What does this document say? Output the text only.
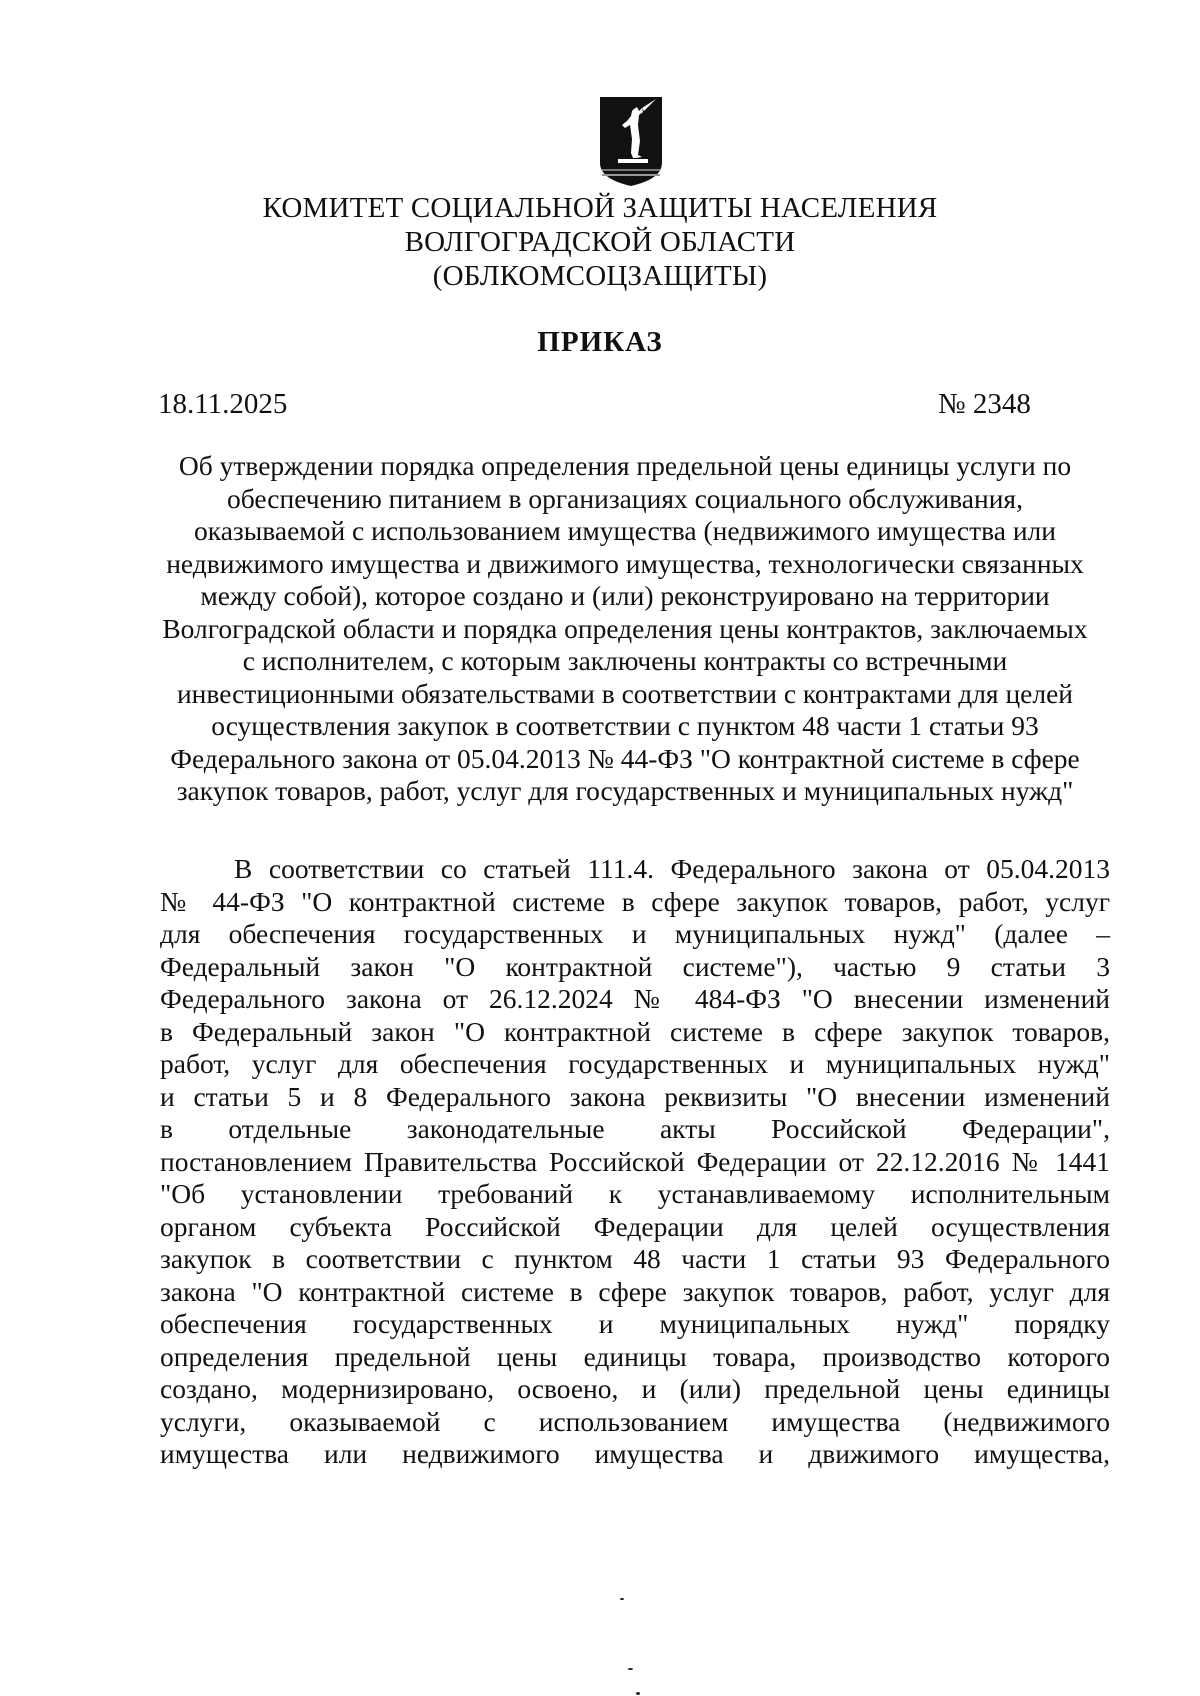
КОМИТЕТ СОЦИАЛЬНОЙ ЗАЩИТЫ НАСЕЛЕНИЯ
ВОЛГОГРАДСКОЙ ОБЛАСТИ
(ОБЛКОМСОЦЗАЩИТЫ)
ПРИКАЗ
18.11.2025	№ 2348
Об утверждении порядка определения предельной цены единицы услуги по
обеспечению питанием в организациях социального обслуживания,
оказываемой с использованием имущества (недвижимого имущества или
недвижимого имущества и движимого имущества, технологически связанных
между собой), которое создано и (или) реконструировано на территории
Волгоградской области и порядка определения цены контрактов, заключаемых
с исполнителем, с которым заключены контракты со встречными
инвестиционными обязательствами в соответствии с контрактами для целей
осуществления закупок в соответствии с пунктом 48 части 1 статьи 93
Федерального закона от 05.04.2013 № 44-ФЗ "О контрактной системе в сфере
закупок товаров, работ, услуг для государственных и муниципальных нужд"
В соответствии со статьей 111.4. Федерального закона от 05.04.2013
№ 44-ФЗ "О контрактной системе в сфере закупок товаров, работ, услуг
для обеспечения государственных и муниципальных нужд" (далее –
Федеральный закон "О контрактной системе"), частью 9 статьи 3
Федерального закона от 26.12.2024 № 484-ФЗ "О внесении изменений
в Федеральный закон "О контрактной системе в сфере закупок товаров,
работ, услуг для обеспечения государственных и муниципальных нужд"
и статьи 5 и 8 Федерального закона реквизиты "О внесении изменений
в отдельные законодательные акты Российской Федерации",
постановлением Правительства Российской Федерации от 22.12.2016 № 1441
"Об установлении требований к устанавливаемому исполнительным
органом субъекта Российской Федерации для целей осуществления
закупок в соответствии с пунктом 48 части 1 статьи 93 Федерального
закона "О контрактной системе в сфере закупок товаров, работ, услуг для
обеспечения государственных и муниципальных нужд" порядку
определения предельной цены единицы товара, производство которого
создано, модернизировано, освоено, и (или) предельной цены единицы
услуги, оказываемой с использованием имущества (недвижимого
имущества или недвижимого имущества и движимого имущества,
